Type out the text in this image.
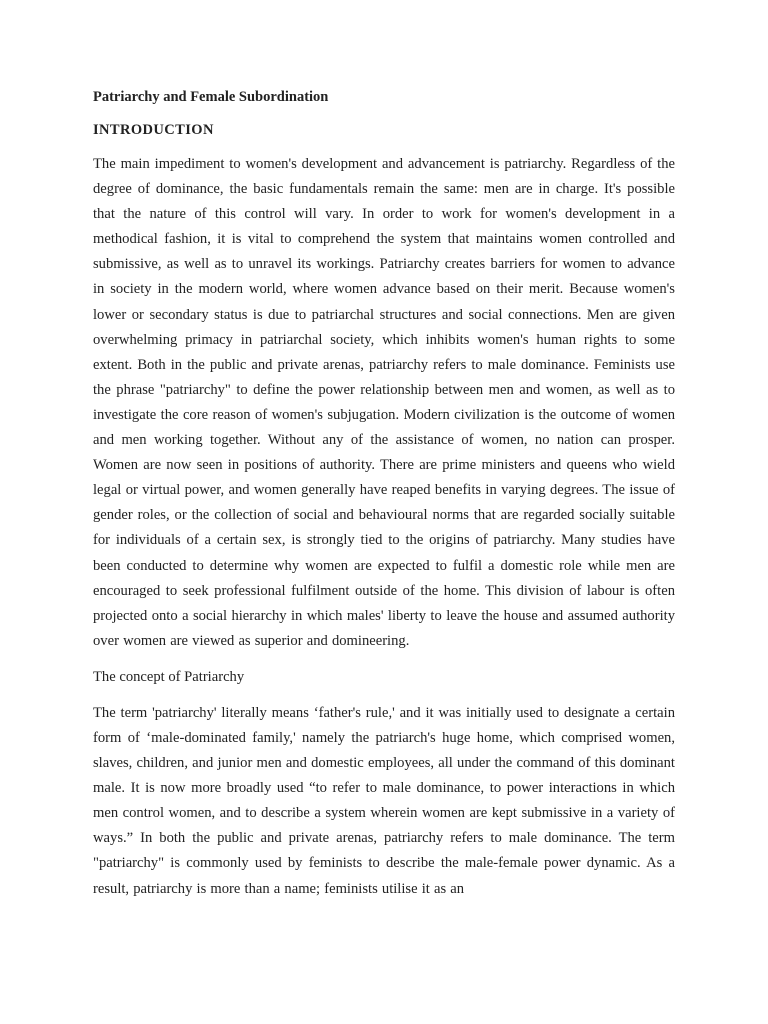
Patriarchy and Female Subordination
INTRODUCTION

The main impediment to women's development and advancement is patriarchy. Regardless of the degree of dominance, the basic fundamentals remain the same: men are in charge. It's possible that the nature of this control will vary. In order to work for women's development in a methodical fashion, it is vital to comprehend the system that maintains women controlled and submissive, as well as to unravel its workings. Patriarchy creates barriers for women to advance in society in the modern world, where women advance based on their merit. Because women's lower or secondary status is due to patriarchal structures and social connections. Men are given overwhelming primacy in patriarchal society, which inhibits women's human rights to some extent. Both in the public and private arenas, patriarchy refers to male dominance. Feminists use the phrase "patriarchy" to define the power relationship between men and women, as well as to investigate the core reason of women's subjugation. Modern civilization is the outcome of women and men working together. Without any of the assistance of women, no nation can prosper. Women are now seen in positions of authority. There are prime ministers and queens who wield legal or virtual power, and women generally have reaped benefits in varying degrees. The issue of gender roles, or the collection of social and behavioural norms that are regarded socially suitable for individuals of a certain sex, is strongly tied to the origins of patriarchy. Many studies have been conducted to determine why women are expected to fulfil a domestic role while men are encouraged to seek professional fulfilment outside of the home. This division of labour is often projected onto a social hierarchy in which males' liberty to leave the house and assumed authority over women are viewed as superior and domineering.

The concept of Patriarchy

The term 'patriarchy' literally means ‘father's rule,' and it was initially used to designate a certain form of ‘male-dominated family,' namely the patriarch's huge home, which comprised women, slaves, children, and junior men and domestic employees, all under the command of this dominant male. It is now more broadly used “to refer to male dominance, to power interactions in which men control women, and to describe a system wherein women are kept submissive in a variety of ways.” In both the public and private arenas, patriarchy refers to male dominance. The term "patriarchy" is commonly used by feminists to describe the male-female power dynamic. As a result, patriarchy is more than a name; feminists utilise it as an
